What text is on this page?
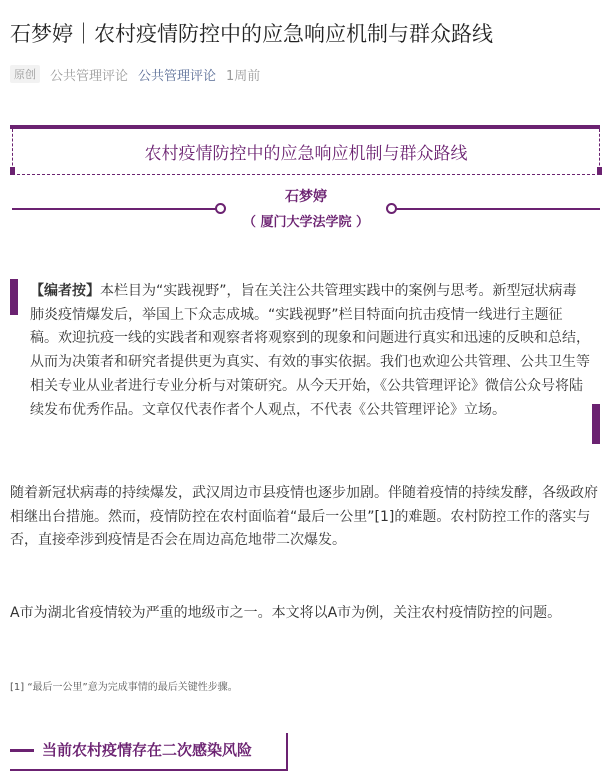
石梦婷｜农村疫情防控中的应急响应机制与群众路线
原创	公共管理评论 公共管理评论 1周前
农村疫情防控中的应急响应机制与群众路线
石梦婷
（ 厦门大学法学院 ）
【编者按】本栏目为“实践视野”，旨在关注公共管理实践中的案例与思考。新型冠状病毒肺炎疫情爆发后，举国上下众志成城。“实践视野”栏目特面向抗击疫情一线进行主题征稿。欢迎抗疫一线的实践者和观察者将观察到的现象和问题进行真实和迅速的反映和总结，从而为决策者和研究者提供更为真实、有效的事实依据。我们也欢迎公共管理、公共卫生等相关专业从业者进行专业分析与对策研究。从今天开始，《公共管理评论》微信公众号将陆续发布优秀作品。文章仅代表作者个人观点，不代表《公共管理评论》立场。

随着新冠状病毒的持续爆发，武汉周边市县疫情也逐步加剧。伴随着疫情的持续发酵，各级政府相继出台措施。然而，疫情防控在农村面临着“最后一公里”[1]的难题。农村防控工作的落实与否，直接牵涉到疫情是否会在周边高危地带二次爆发。

A市为湖北省疫情较为严重的地级市之一。本文将以A市为例，关注农村疫情防控的问题。

[1] “最后一公里”意为完成事情的最后关键性步骤。
当前农村疫情存在二次感染风险
